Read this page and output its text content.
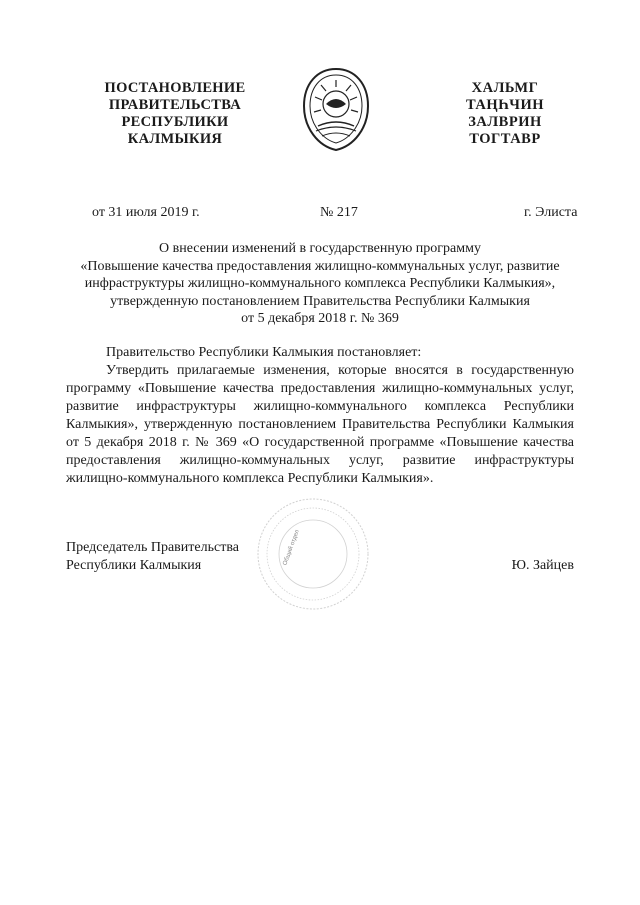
ПОСТАНОВЛЕНИЕ
ПРАВИТЕЛЬСТВА
РЕСПУБЛИКИ
КАЛМЫКИЯ
ХАЛЬМГ
ТАҢҺЧИН
ЗАЛВРИН
ТОГТАВР
от 31 июля 2019 г.	№ 217	г. Элиста
О внесении изменений в государственную программу
«Повышение качества предоставления жилищно-коммунальных услуг, развитие
инфраструктуры жилищно-коммунального комплекса Республики Калмыкия»,
утвержденную постановлением Правительства Республики Калмыкия
от 5 декабря 2018 г. № 369

Правительство Республики Калмыкия постановляет:

Утвердить прилагаемые изменения, которые вносятся в государственную программу «Повышение качества предоставления жилищно-коммунальных услуг, развитие инфраструктуры жилищно-коммунального комплекса Республики Калмыкия», утвержденную постановлением Правительства Республики Калмыкия от 5 декабря 2018 г. № 369 «О государственной программе «Повышение качества предоставления жилищно-коммунальных услуг, развитие инфраструктуры жилищно-коммунального комплекса Республики Калмыкия».

Общий отдел
Председатель Правительства
Республики Калмыкия	Ю. Зайцев
